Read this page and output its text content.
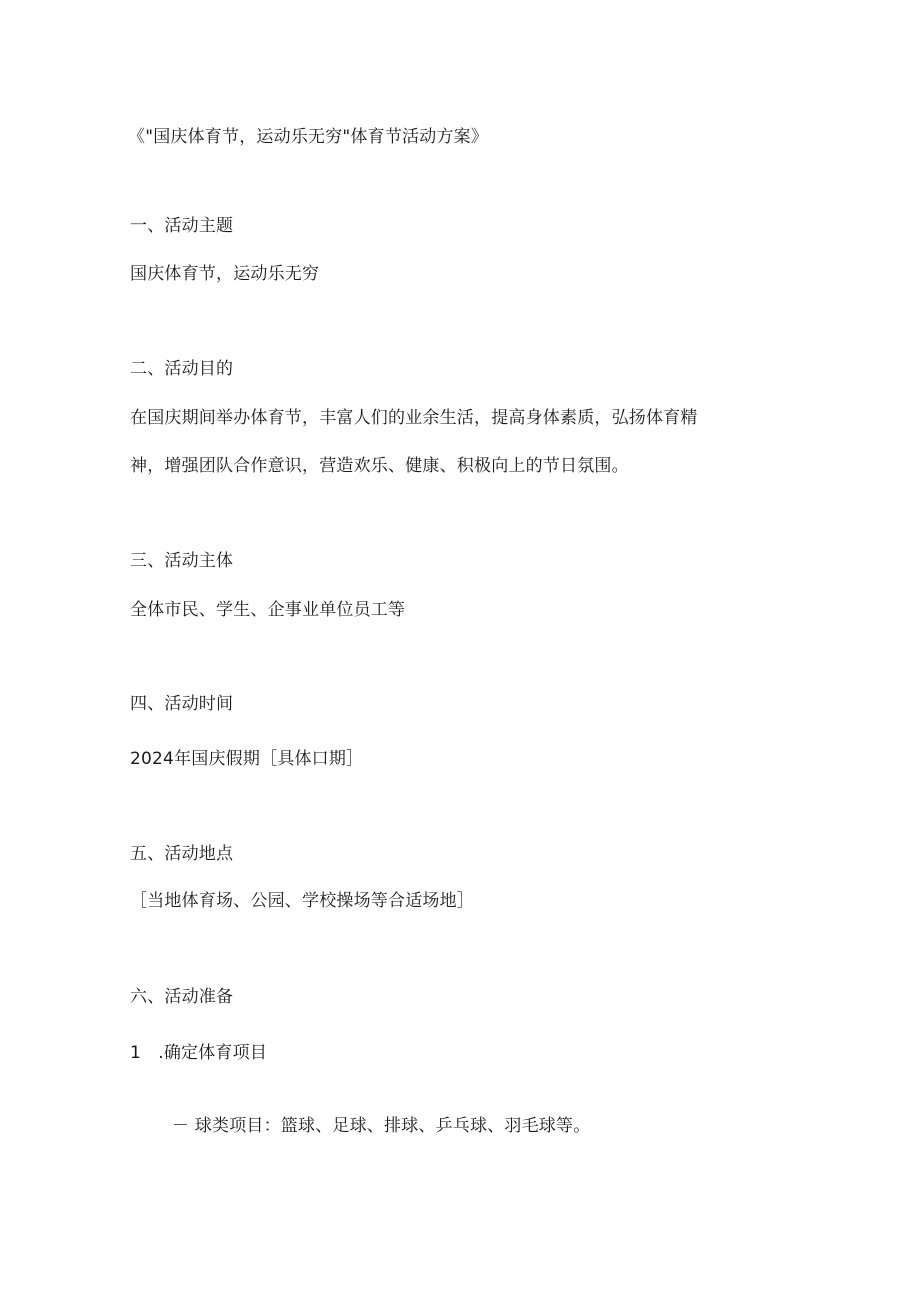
《"国庆体育节，运动乐无穷"体育节活动方案》
一、活动主题
国庆体育节，运动乐无穷
二、活动目的
在国庆期间举办体育节，丰富人们的业余生活，提高身体素质，弘扬体育精
神，增强团队合作意识，营造欢乐、健康、积极向上的节日氛围。
三、活动主体
全体市民、学生、企事业单位员工等
四、活动时间
2024年国庆假期［具体口期］
五、活动地点
［当地体育场、公园、学校操场等合适场地］
六、活动准备
1　.确定体育项目
－ 球类项目：篮球、足球、排球、乒乓球、羽毛球等。
